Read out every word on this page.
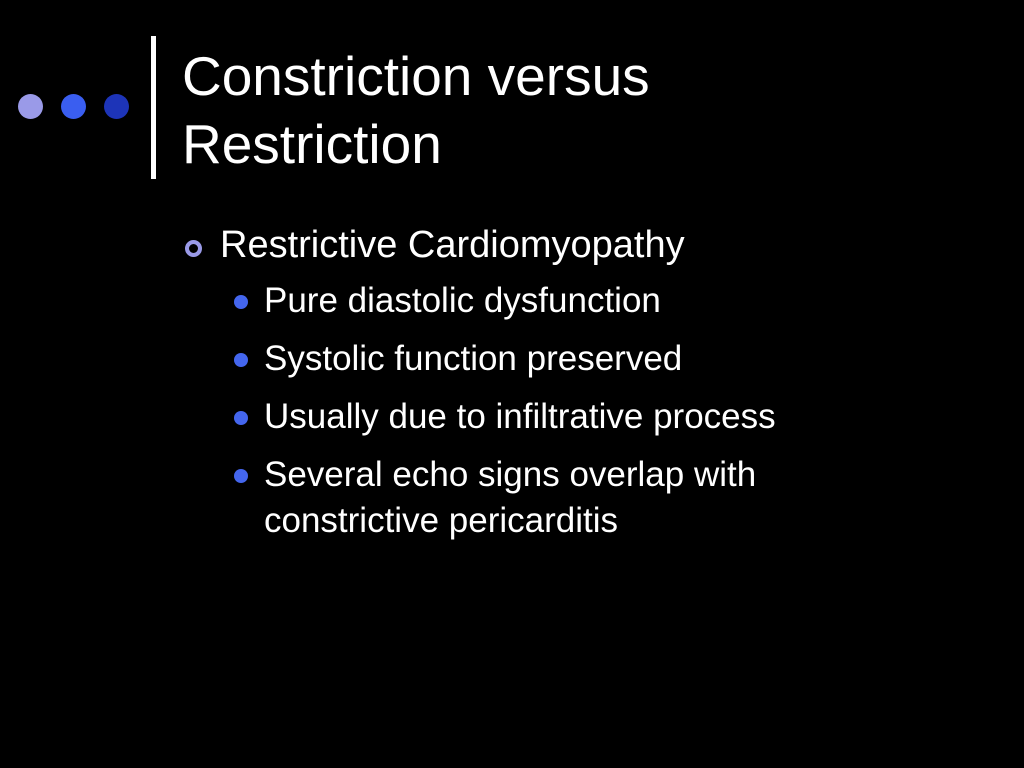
Constriction versus
Restriction
Restrictive Cardiomyopathy
Pure diastolic dysfunction
Systolic function preserved
Usually due to infiltrative process
Several echo signs overlap with
constrictive pericarditis
